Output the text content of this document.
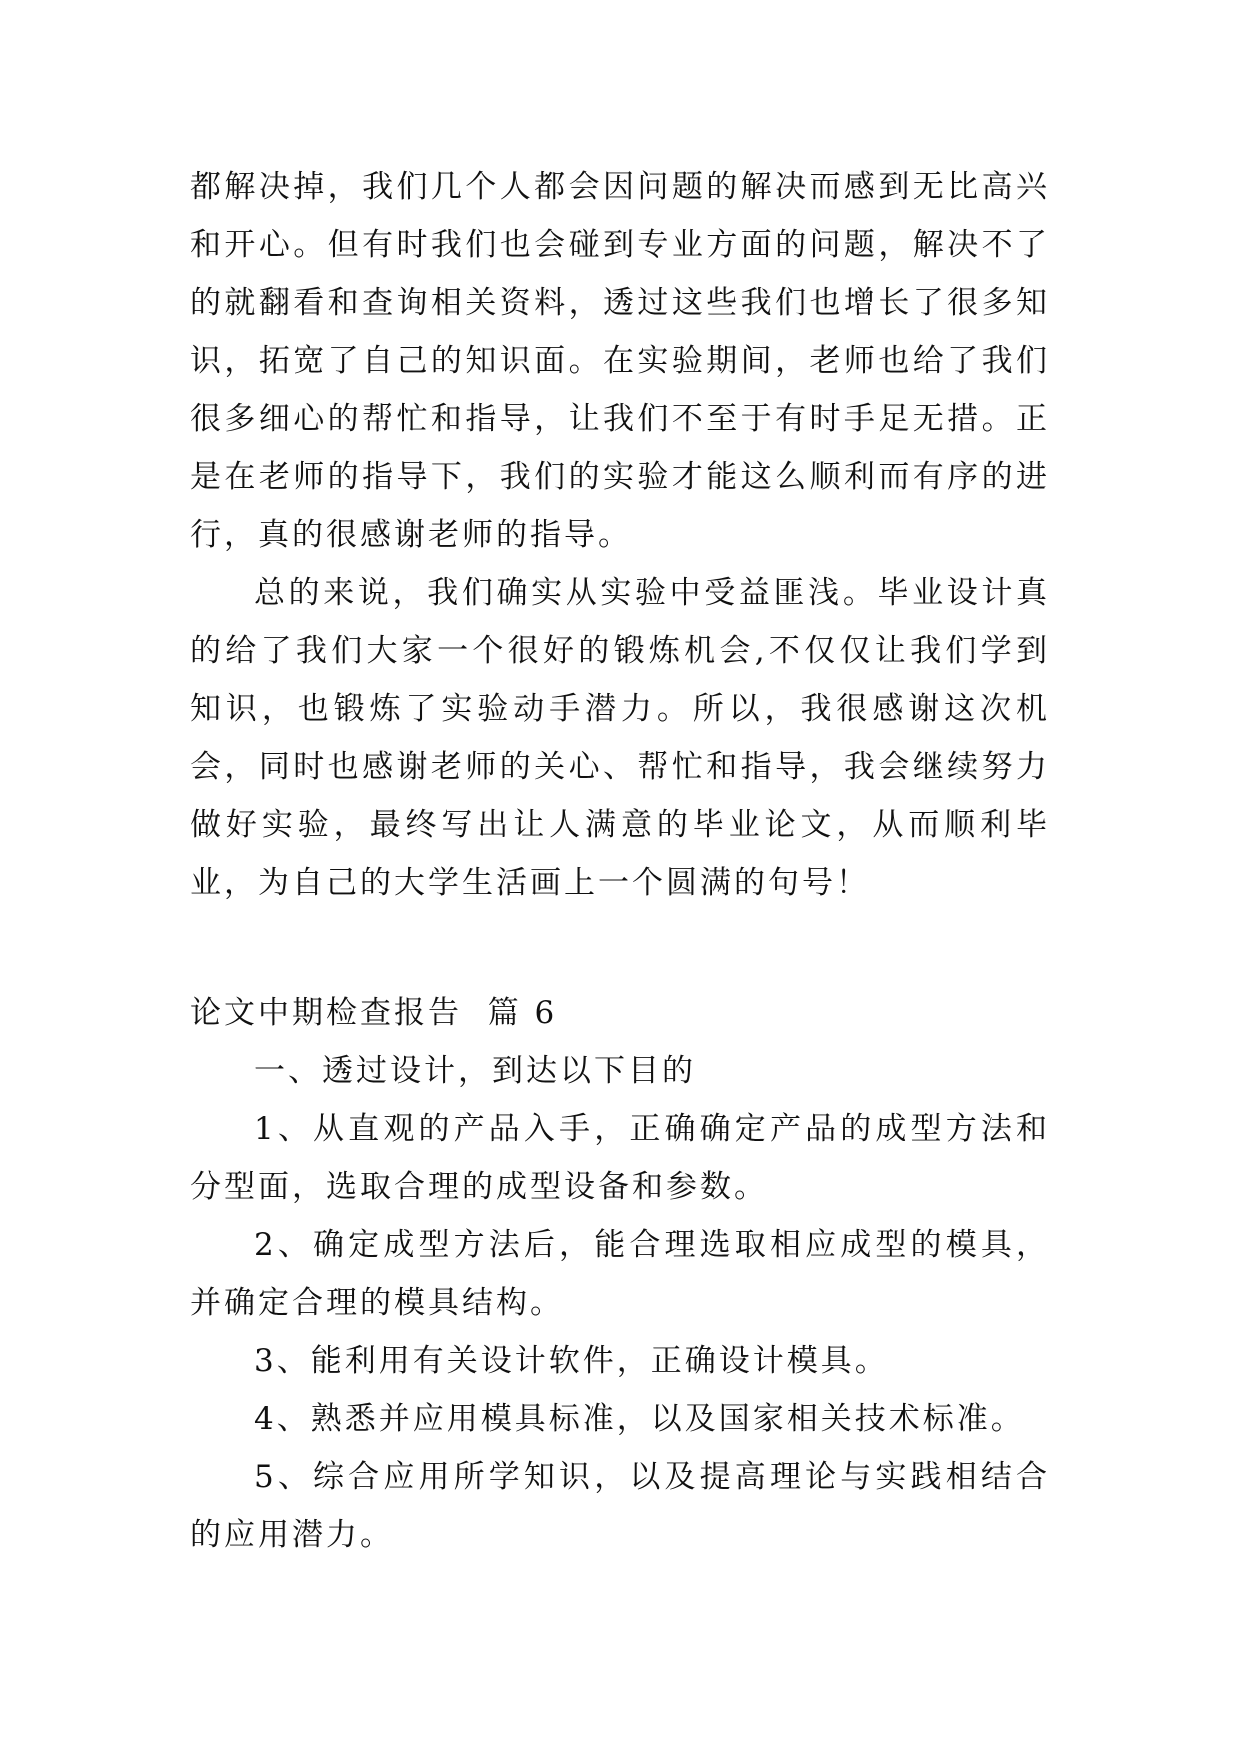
都解决掉，我们几个人都会因问题的解决而感到无比高兴和开心。但有时我们也会碰到专业方面的问题，解决不了的就翻看和查询相关资料，透过这些我们也增长了很多知识，拓宽了自己的知识面。在实验期间，老师也给了我们很多细心的帮忙和指导，让我们不至于有时手足无措。正是在老师的指导下，我们的实验才能这么顺利而有序的进行，真的很感谢老师的指导。

总的来说，我们确实从实验中受益匪浅。毕业设计真的给了我们大家一个很好的锻炼机会,不仅仅让我们学到知识，也锻炼了实验动手潜力。所以，我很感谢这次机会，同时也感谢老师的关心、帮忙和指导，我会继续努力做好实验，最终写出让人满意的毕业论文，从而顺利毕业，为自己的大学生活画上一个圆满的句号！

论文中期检查报告  篇 6

一、透过设计，到达以下目的

1、从直观的产品入手，正确确定产品的成型方法和分型面，选取合理的成型设备和参数。

2、确定成型方法后，能合理选取相应成型的模具，并确定合理的模具结构。

3、能利用有关设计软件，正确设计模具。

4、熟悉并应用模具标准，以及国家相关技术标准。

5、综合应用所学知识，以及提高理论与实践相结合的应用潜力。
